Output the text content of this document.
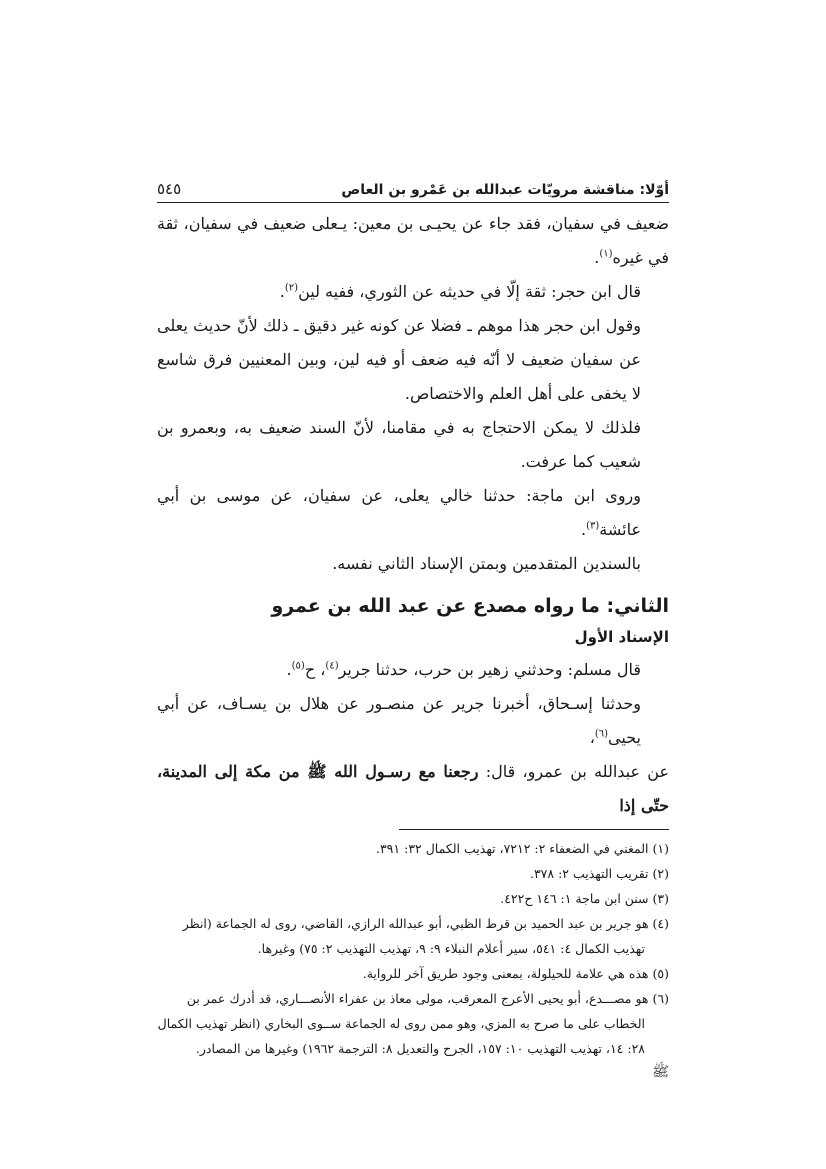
أوّلا: مناقشة مرويّات عبدالله بن عَمْرو بن العاص
٥٤٥

ضعيف في سفيان، فقد جاء عن يحيـى بن معين: يـعلى ضعيف في سفيان، ثقة في غيره$^{(١)}$.

قال ابن حجر: ثقة إلّا في حديثه عن الثوري، ففيه لين$^{(٢)}$.

وقول ابن حجر هذا موهم ـ فضلا عن كونه غير دقيق ـ ذلك لأنّ حديث يعلى عن سفيان ضعيف لا أنّه فيه ضعف أو فيه لين، وبين المعنيين فرق شاسع لا يخفى على أهل العلم والاختصاص.

فلذلك لا يمكن الاحتجاج به في مقامنا، لأنّ السند ضعيف به، وبعمرو بن شعيب كما عرفت.

وروى ابن ماجة: حدثنا خالي يعلى، عن سفيان، عن موسى بن أبي عائشة$^{(٣)}$.

بالسندين المتقدمين وبمتن الإسناد الثاني نفسه.

الثاني: ما رواه مصدع عن عبد الله بن عمرو
الإسناد الأول

قال مسلم: وحدثني زهير بن حرب، حدثنا جرير$^{(٤)}$، ح$^{(٥)}$.

وحدثنا إسـحاق، أخبرنا جرير عن منصـور عن هلال بن يسـاف، عن أبي يحيى$^{(٦)}$،

عن عبدالله بن عمرو، قال: رجعنا مع رسـول الله ﷺ من مكة إلى المدينة، حتّى إذا

(١) المغني في الضعفاء ٢: ٧٢١٢، تهذيب الكمال ٣٢: ٣٩١.

(٢) تقريب التهذيب ٢: ٣٧٨.

(٣) سنن ابن ماجة ١: ١٤٦ ح٤٢٢.

(٤) هو جرير بن عبد الحميد بن قرط الظبي، أبو عبدالله الرازي، القاضي، روى له الجماعة (انظر

تهذيب الكمال ٤: ٥٤١، سير أعلام النبلاء ٩: ٩، تهذيب التهذيب ٢: ٧٥) وغيرها.

(٥) هذه هي علامة للحيلولة، بمعنى وجود طريق آخر للرواية.

(٦) هو مصـــدع، أبو يحيى الأعرج المعرقب، مولى معاذ بن عفراء الأنصـــاري، قد أدرك عمر بن

الخطاب على ما صرح به المزي، وهو ممن روى له الجماعة ســوى البخاري (انظر تهذيب الكمال

٢٨: ١٤، تهذيب التهذيب ١٠: ١٥٧، الجرح والتعديل ٨: الترجمة ١٩٦٢) وغيرها من المصادر.

ﷺ
